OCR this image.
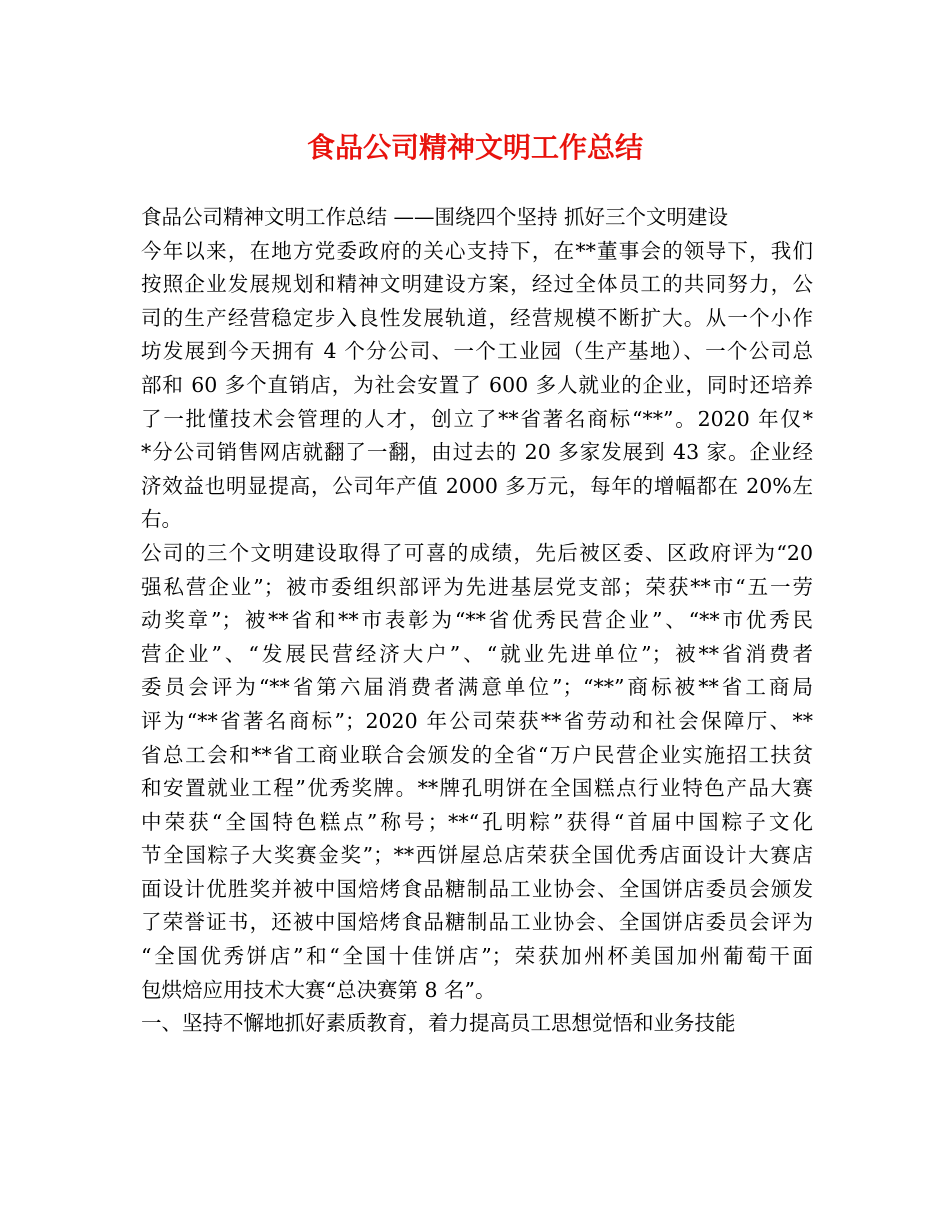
食品公司精神文明工作总结
食品公司精神文明工作总结 ——围绕四个坚持 抓好三个文明建设
今年以来，在地方党委政府的关心支持下，在**董事会的领导下，我们
按照企业发展规划和精神文明建设方案，经过全体员工的共同努力，公
司的生产经营稳定步入良性发展轨道，经营规模不断扩大。从一个小作
坊发展到今天拥有 4 个分公司、一个工业园（生产基地）、一个公司总
部和 60 多个直销店，为社会安置了 600 多人就业的企业，同时还培养
了一批懂技术会管理的人才，创立了**省著名商标“**”。2020 年仅*
*分公司销售网店就翻了一翻，由过去的 20 多家发展到 43 家。企业经
济效益也明显提高，公司年产值 2000 多万元，每年的增幅都在 20%左
右。
公司的三个文明建设取得了可喜的成绩，先后被区委、区政府评为“20
强私营企业”；被市委组织部评为先进基层党支部；荣获**市“五一劳
动奖章”；被**省和**市表彰为“**省优秀民营企业”、“**市优秀民
营企业”、“发展民营经济大户”、“就业先进单位”；被**省消费者
委员会评为“**省第六届消费者满意单位”；“**”商标被**省工商局
评为“**省著名商标”；2020 年公司荣获**省劳动和社会保障厅、**
省总工会和**省工商业联合会颁发的全省“万户民营企业实施招工扶贫
和安置就业工程”优秀奖牌。**牌孔明饼在全国糕点行业特色产品大赛
中荣获“全国特色糕点”称号；**“孔明粽”获得“首届中国粽子文化
节全国粽子大奖赛金奖”；**西饼屋总店荣获全国优秀店面设计大赛店
面设计优胜奖并被中国焙烤食品糖制品工业协会、全国饼店委员会颁发
了荣誉证书，还被中国焙烤食品糖制品工业协会、全国饼店委员会评为
“全国优秀饼店”和“全国十佳饼店”；荣获加州杯美国加州葡萄干面
包烘焙应用技术大赛“总决赛第 8 名”。
一、坚持不懈地抓好素质教育，着力提高员工思想觉悟和业务技能
